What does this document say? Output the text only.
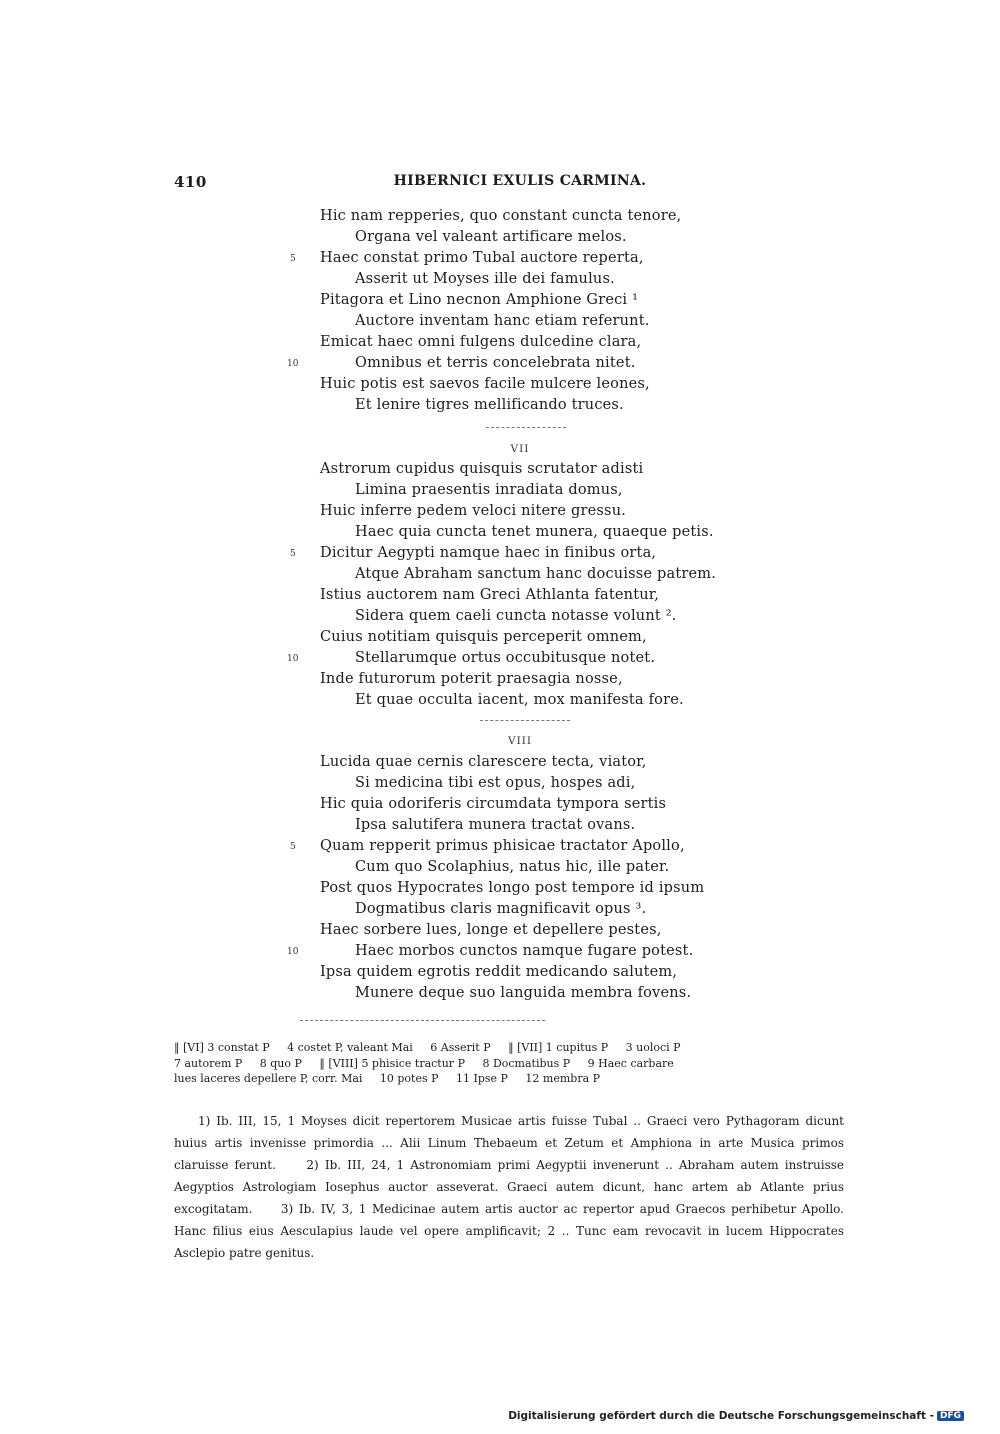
410	HIBERNICI EXULIS CARMINA.
Hic nam repperies, quo constant cuncta tenore,
Organa vel valeant artificare melos.
5 Haec constat primo Tubal auctore reperta,
Asserit ut Moyses ille dei famulus.
Pitagora et Lino necnon Amphione Greci ¹
Auctore inventam hanc etiam referunt.
Emicat haec omni fulgens dulcedine clara,
10	Omnibus et terris concelebrata nitet.
Huic potis est saevos facile mulcere leones,
Et lenire tigres mellificando truces.
VII
Astrorum cupidus quisquis scrutator adisti
Limina praesentis inradiata domus,
Huic inferre pedem veloci nitere gressu.
Haec quia cuncta tenet munera, quaeque petis.
5 Dicitur Aegypti namque haec in finibus orta,
Atque Abraham sanctum hanc docuisse patrem.
Istius auctorem nam Greci Athlanta fatentur,
Sidera quem caeli cuncta notasse volunt ².
Cuius notitiam quisquis perceperit omnem,
10	Stellarumque ortus occubitusque notet.
Inde futurorum poterit praesagia nosse,
Et quae occulta iacent, mox manifesta fore.
VIII
Lucida quae cernis clarescere tecta, viator,
Si medicina tibi est opus, hospes adi,
Hic quia odoriferis circumdata tympora sertis
Ipsa salutifera munera tractat ovans.
5 Quam repperit primus phisicae tractator Apollo,
Cum quo Scolaphius, natus hic, ille pater.
Post quos Hypocrates longo post tempore id ipsum
Dogmatibus claris magnificavit opus ³.
Haec sorbere lues, longe et depellere pestes,
10	Haec morbos cunctos namque fugare potest.
Ipsa quidem egrotis reddit medicando salutem,
Munere deque suo languida membra fovens.
‖ [VI] 3 constat P     4 costet P, valeant Mai     6 Asserit P     ‖ [VII] 1 cupitus P     3 uoloci P
7 autorem P     8 quo P     ‖ [VIII] 5 phisice tractur P     8 Docmatibus P     9 Haec carbare
lues laceres depellere P, corr. Mai     10 potes P     11 Ipse P     12 membra P

1) Ib. III, 15, 1 Moyses dicit repertorem Musicae artis fuisse Tubal .. Graeci vero Pythagoram dicunt huius artis invenisse primordia ... Alii Linum Thebaeum et Zetum et Amphiona in arte Musica primos claruisse ferunt.     2) Ib. III, 24, 1 Astronomiam primi Aegyptii invenerunt .. Abraham autem instruisse Aegyptios Astrologiam Iosephus auctor asseverat. Graeci autem dicunt, hanc artem ab Atlante prius excogitatam.     3) Ib. IV, 3, 1 Medicinae autem artis auctor ac repertor apud Graecos perhibetur Apollo. Hanc filius eius Aesculapius laude vel opere amplificavit; 2 .. Tunc eam revocavit in lucem Hippocrates Asclepio patre genitus.

Digitalisierung gefördert durch die Deutsche Forschungsgemeinschaft - DFG
